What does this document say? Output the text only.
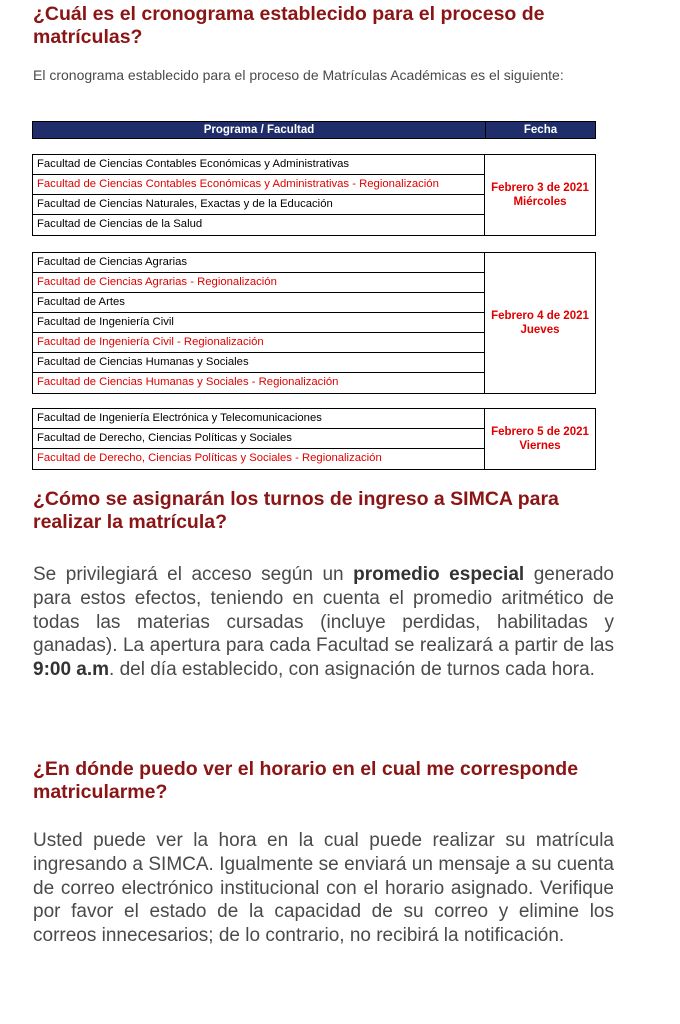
¿Cuál es el cronograma establecido para el proceso de matrículas?

El cronograma establecido para el proceso de Matrículas Académicas es el siguiente:

Programa / Facultad	Fecha
Facultad de Ciencias Contables Económicas y Administrativas
Facultad de Ciencias Contables Económicas y Administrativas - Regionalización
Facultad de Ciencias Naturales, Exactas y de la Educación
Facultad de Ciencias de la Salud
Febrero 3 de 2021
Miércoles
Facultad de Ciencias Agrarias
Facultad de Ciencias Agrarias - Regionalización
Facultad de Artes
Facultad de Ingeniería Civil
Facultad de Ingeniería Civil - Regionalización
Facultad de Ciencias Humanas y Sociales
Facultad de Ciencias Humanas y Sociales - Regionalización
Febrero 4 de 2021
Jueves
Facultad de Ingeniería Electrónica y Telecomunicaciones
Facultad de Derecho, Ciencias Políticas y Sociales
Facultad de Derecho, Ciencias Políticas y Sociales - Regionalización
Febrero 5 de 2021
Viernes
¿Cómo se asignarán los turnos de ingreso a SIMCA para realizar la matrícula?

Se privilegiará el acceso según un promedio especial generado para estos efectos, teniendo en cuenta el promedio aritmético de todas las materias cursadas (incluye perdidas, habilitadas y ganadas). La apertura para cada Facultad se realizará a partir de las 9:00 a.m. del día establecido, con asignación de turnos cada hora.

¿En dónde puedo ver el horario en el cual me corresponde matricularme?

Usted puede ver la hora en la cual puede realizar su matrícula ingresando a SIMCA. Igualmente se enviará un mensaje a su cuenta de correo electrónico institucional con el horario asignado. Verifique por favor el estado de la capacidad de su correo y elimine los correos innecesarios; de lo contrario, no recibirá la notificación.
